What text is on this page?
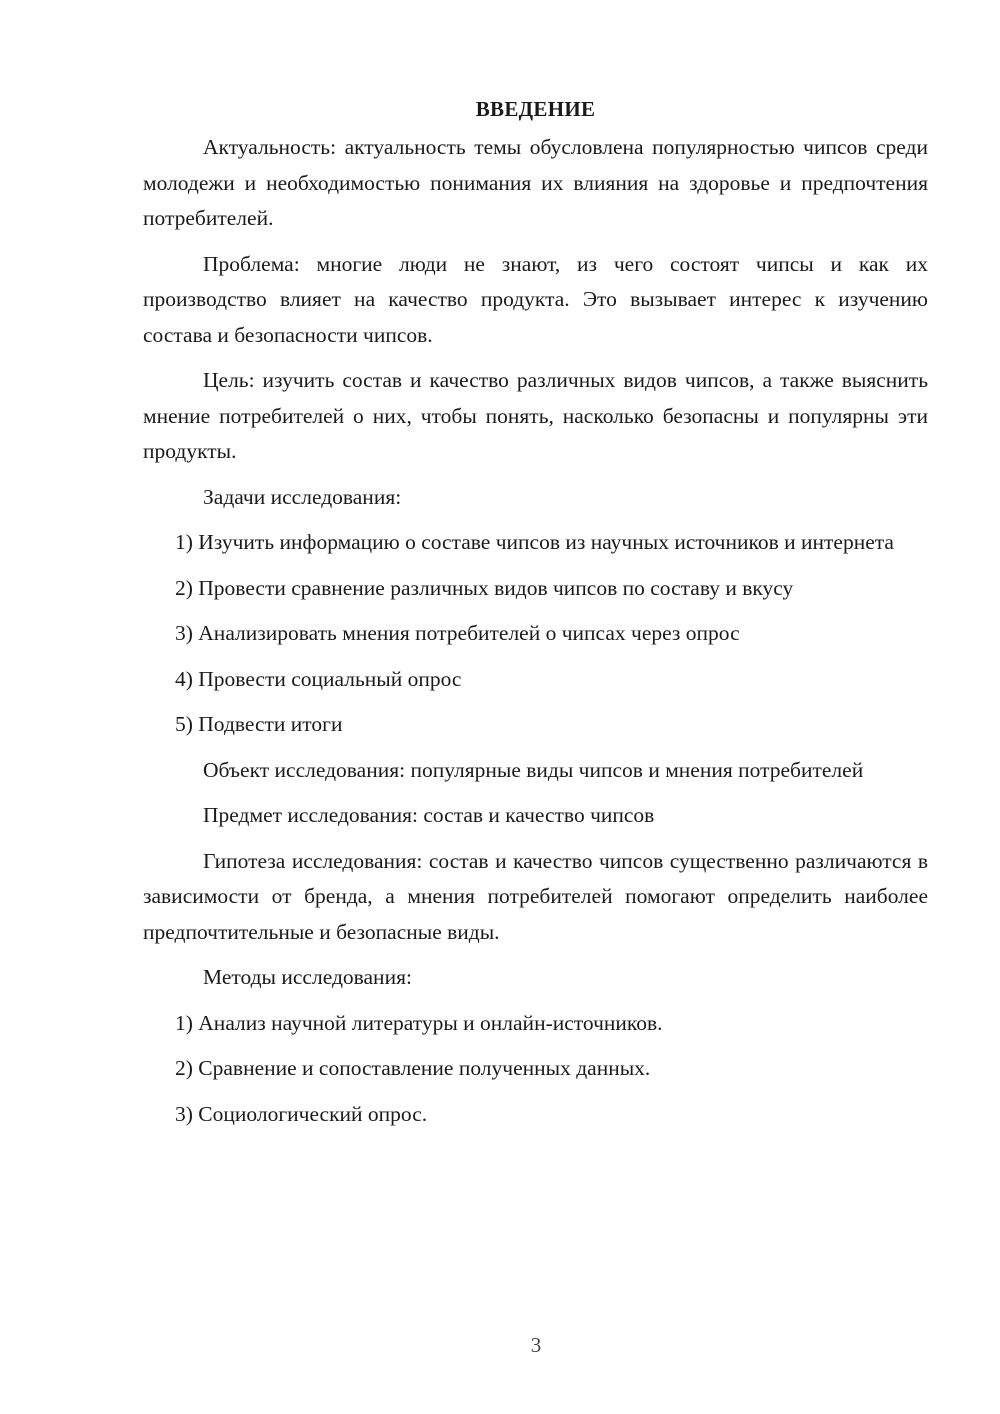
ВВЕДЕНИЕ

Актуальность: актуальность темы обусловлена популярностью чипсов среди молодежи и необходимостью понимания их влияния на здоровье и предпочтения потребителей.

Проблема: многие люди не знают, из чего состоят чипсы и как их производство влияет на качество продукта. Это вызывает интерес к изучению состава и безопасности чипсов.

Цель: изучить состав и качество различных видов чипсов, а также выяснить мнение потребителей о них, чтобы понять, насколько безопасны и популярны эти продукты.

Задачи исследования:

1) Изучить информацию о составе чипсов из научных источников и интернета

2) Провести сравнение различных видов чипсов по составу и вкусу

3) Анализировать мнения потребителей о чипсах через опрос

4) Провести социальный опрос

5) Подвести итоги

Объект исследования: популярные виды чипсов и мнения потребителей

Предмет исследования: состав и качество чипсов

Гипотеза исследования: состав и качество чипсов существенно различаются в зависимости от бренда, а мнения потребителей помогают определить наиболее предпочтительные и безопасные виды.

Методы исследования:

1) Анализ научной литературы и онлайн-источников.

2) Сравнение и сопоставление полученных данных.

3) Социологический опрос.

3
